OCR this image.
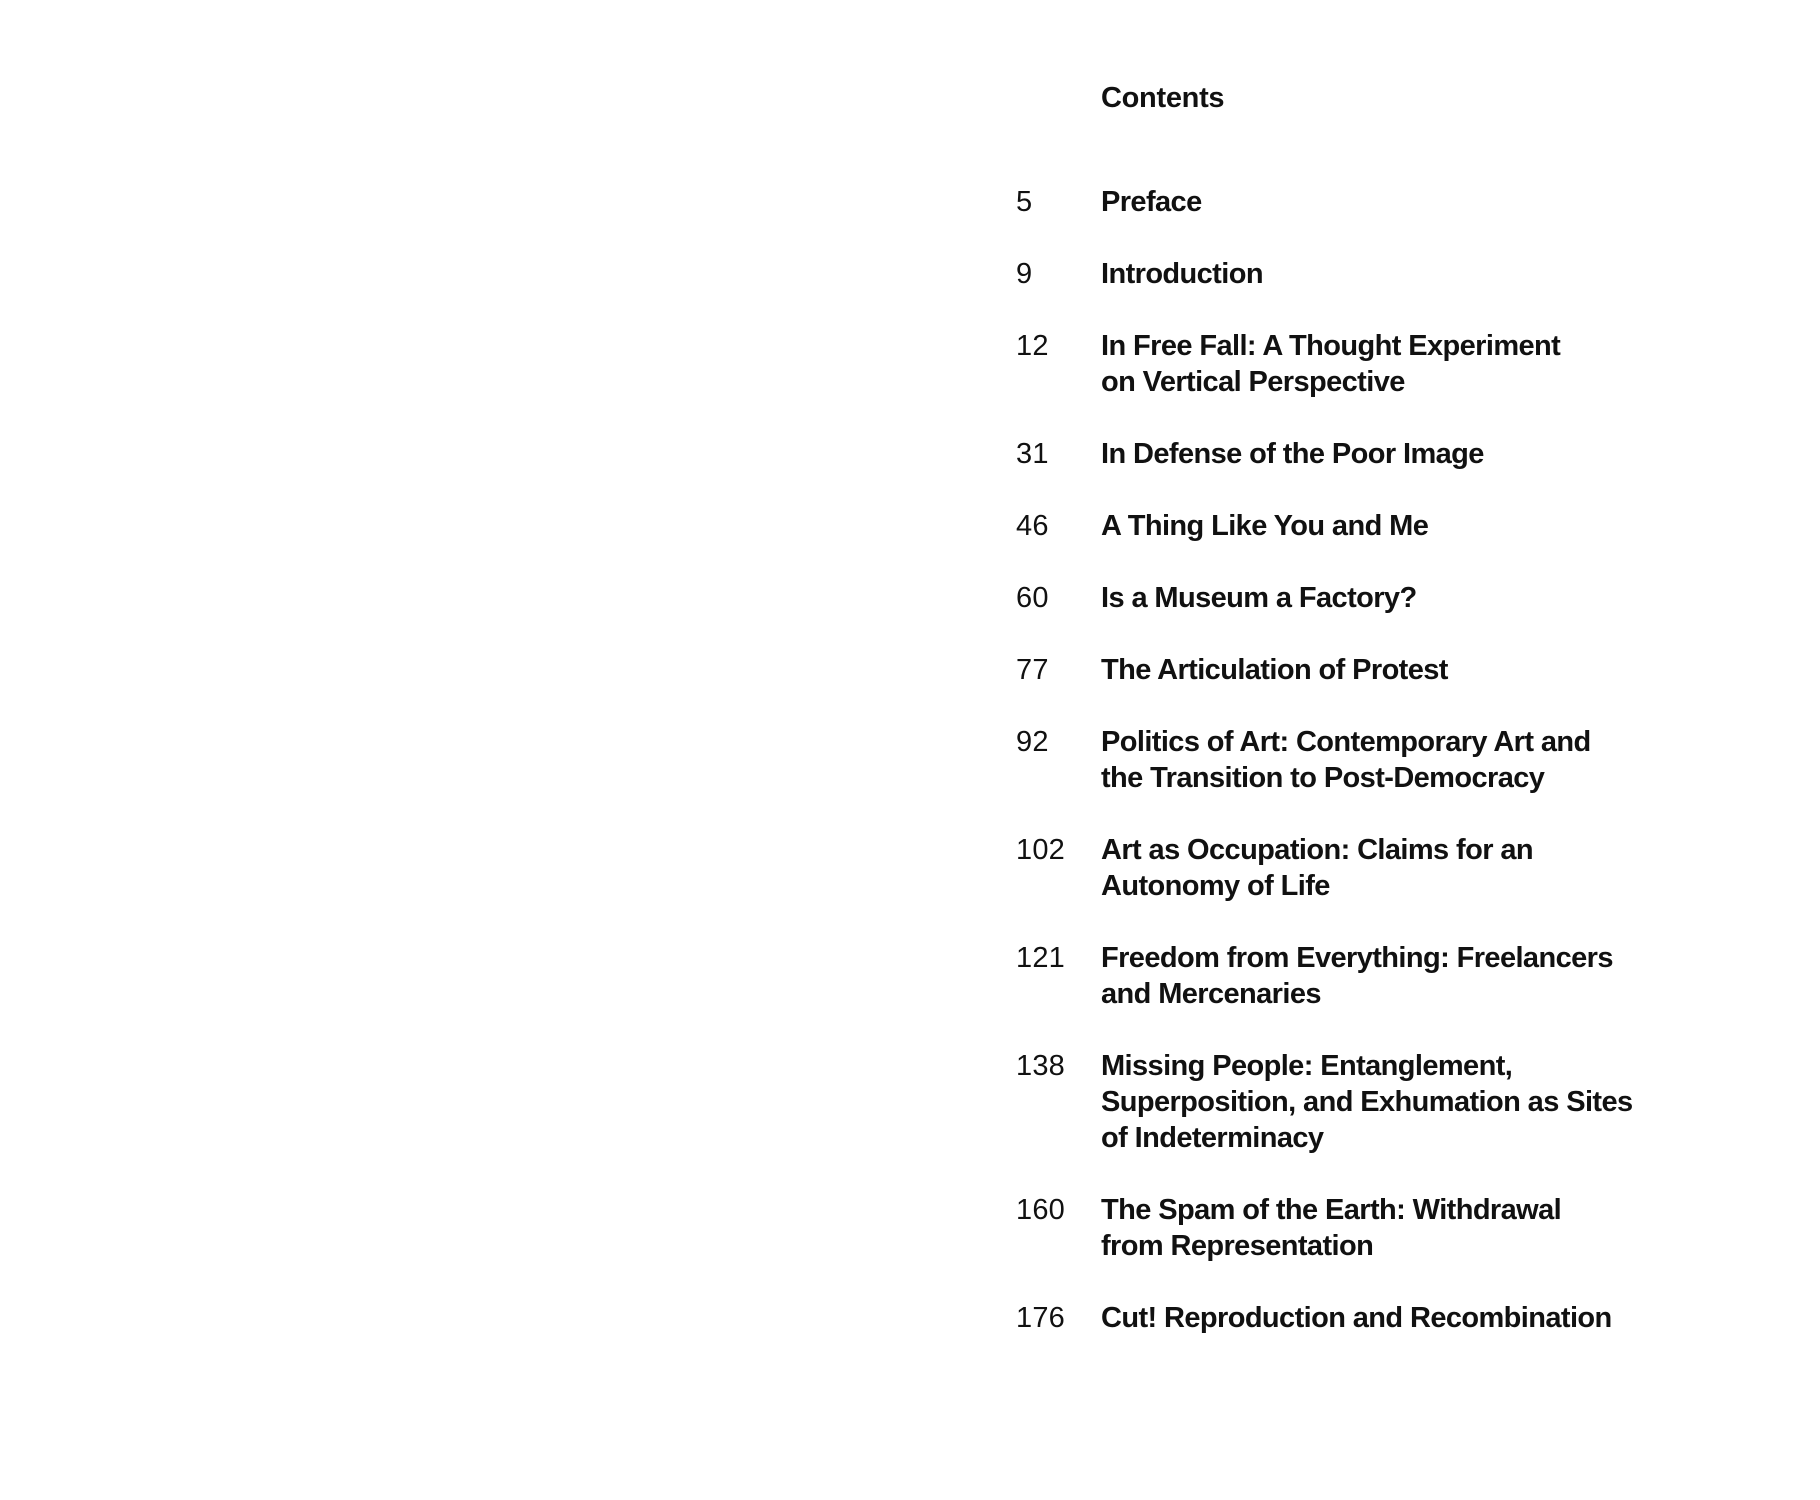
Contents
5	Preface
9	Introduction
12	In Free Fall: A Thought Experiment
on Vertical Perspective
31	In Defense of the Poor Image
46	A Thing Like You and Me
60	Is a Museum a Factory?
77	The Articulation of Protest
92	Politics of Art: Contemporary Art and
the Transition to Post-Democracy
102	Art as Occupation: Claims for an
Autonomy of Life
121	Freedom from Everything: Freelancers
and Mercenaries
138	Missing People: Entanglement,
Superposition, and Exhumation as Sites
of Indeterminacy
160	The Spam of the Earth: Withdrawal
from Representation
176	Cut! Reproduction and Recombination
